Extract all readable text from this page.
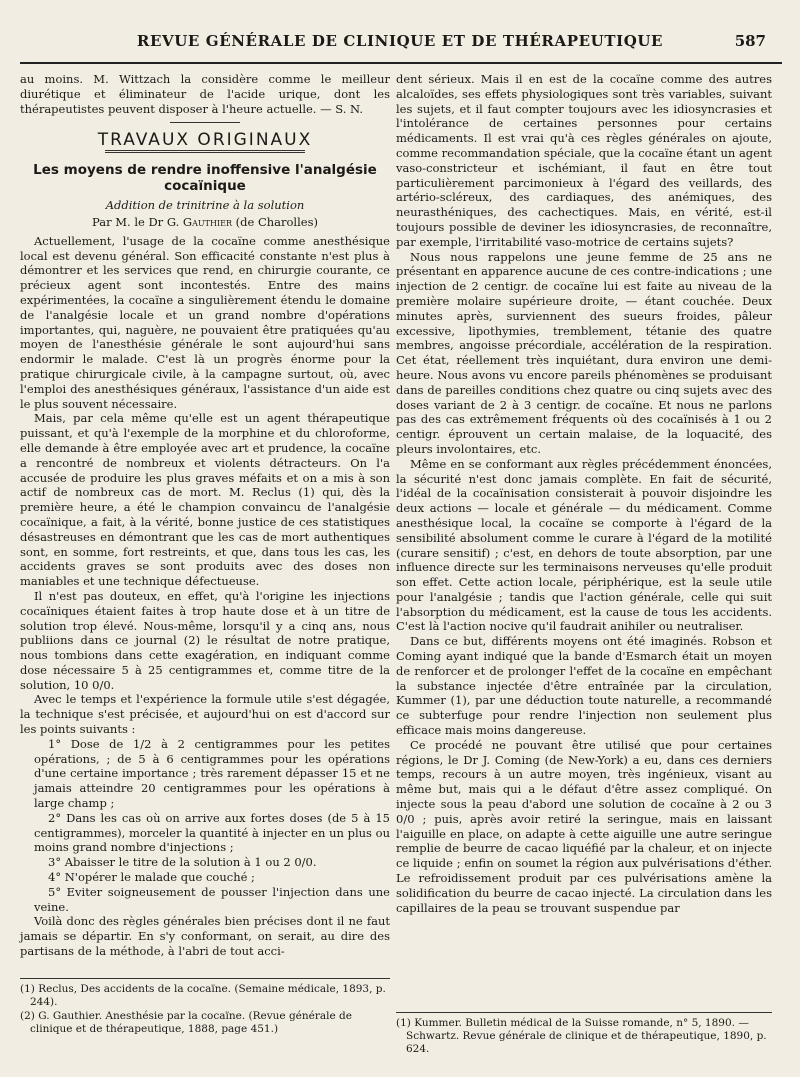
REVUE GÉNÉRALE DE CLINIQUE ET DE THÉRAPEUTIQUE	587

au moins. M. Wittzach la considère comme le meilleur diurétique et éliminateur de l'acide urique, dont les thérapeutistes peuvent disposer à l'heure actuelle. — S. N.

TRAVAUX ORIGINAUX
Les moyens de rendre inoffensive l'analgésie cocaïnique
Addition de trinitrine à la solution
Par M. le Dr G. Gauthier (de Charolles)

Actuellement, l'usage de la cocaïne comme anesthésique local est devenu général. Son efficacité constante n'est plus à démontrer et les services que rend, en chirurgie courante, ce précieux agent sont incontestés. Entre des mains expérimentées, la cocaïne a singulièrement étendu le domaine de l'analgésie locale et un grand nombre d'opérations importantes, qui, naguère, ne pouvaient être pratiquées qu'au moyen de l'anesthésie générale le sont aujourd'hui sans endormir le malade. C'est là un progrès énorme pour la pratique chirurgicale civile, à la campagne surtout, où, avec l'emploi des anesthésiques généraux, l'assistance d'un aide est le plus souvent nécessaire.

Mais, par cela même qu'elle est un agent thérapeutique puissant, et qu'à l'exemple de la morphine et du chloroforme, elle demande à être employée avec art et prudence, la cocaïne a rencontré de nombreux et violents détracteurs. On l'a accusée de produire les plus graves méfaits et on a mis à son actif de nombreux cas de mort. M. Reclus (1) qui, dès la première heure, a été le champion convaincu de l'analgésie cocaïnique, a fait, à la vérité, bonne justice de ces statistiques désastreuses en démontrant que les cas de mort authentiques sont, en somme, fort restreints, et que, dans tous les cas, les accidents graves se sont produits avec des doses non maniables et une technique défectueuse.

Il n'est pas douteux, en effet, qu'à l'origine les injections cocaïniques étaient faites à trop haute dose et à un titre de solution trop élevé. Nous-même, lorsqu'il y a cinq ans, nous publiions dans ce journal (2) le résultat de notre pratique, nous tombions dans cette exagération, en indiquant comme dose nécessaire 5 à 25 centigrammes et, comme titre de la solution, 10 0/0.

Avec le temps et l'expérience la formule utile s'est dégagée, la technique s'est précisée, et aujourd'hui on est d'accord sur les points suivants :

1° Dose de 1/2 à 2 centigrammes pour les petites opérations, ; de 5 à 6 centigrammes pour les opérations d'une certaine importance ; très rarement dépasser 15 et ne jamais atteindre 20 centigrammes pour les opérations à large champ ;

2° Dans les cas où on arrive aux fortes doses (de 5 à 15 centigrammes), morceler la quantité à injecter en un plus ou moins grand nombre d'injections ;

3° Abaisser le titre de la solution à 1 ou 2 0/0.

4° N'opérer le malade que couché ;

5° Eviter soigneusement de pousser l'injection dans une veine.

Voilà donc des règles générales bien précises dont il ne faut jamais se départir. En s'y conformant, on serait, au dire des partisans de la méthode, à l'abri de tout acci-

dent sérieux. Mais il en est de la cocaïne comme des autres alcaloïdes, ses effets physiologiques sont très variables, suivant les sujets, et il faut compter toujours avec les idiosyncrasies et l'intolérance de certaines personnes pour certains médicaments. Il est vrai qu'à ces règles générales on ajoute, comme recommandation spéciale, que la cocaïne étant un agent vaso-constricteur et ischémiant, il faut en être tout particulièrement parcimonieux à l'égard des veillards, des artério-scléreux, des cardiaques, des anémiques, des neurasthéniques, des cachectiques. Mais, en vérité, est-il toujours possible de deviner les idiosyncrasies, de reconnaître, par exemple, l'irritabilité vaso-motrice de certains sujets?

Nous nous rappelons une jeune femme de 25 ans ne présentant en apparence aucune de ces contre-indications ; une injection de 2 centigr. de cocaïne lui est faite au niveau de la première molaire supérieure droite, — étant couchée. Deux minutes après, surviennent des sueurs froides, pâleur excessive, lipothymies, tremblement, tétanie des quatre membres, angoisse précordiale, accélération de la respiration. Cet état, réellement très inquiétant, dura environ une demi-heure. Nous avons vu encore pareils phénomènes se produisant dans de pareilles conditions chez quatre ou cinq sujets avec des doses variant de 2 à 3 centigr. de cocaïne. Et nous ne parlons pas des cas extrêmement fréquents où des cocaïnisés à 1 ou 2 centigr. éprouvent un certain malaise, de la loquacité, des pleurs involontaires, etc.

Même en se conformant aux règles précédemment énoncées, la sécurité n'est donc jamais complète. En fait de sécurité, l'idéal de la cocaïnisation consisterait à pouvoir disjoindre les deux actions — locale et générale — du médicament. Comme anesthésique local, la cocaïne se comporte à l'égard de la sensibilité absolument comme le curare à l'égard de la motilité (curare sensitif) ; c'est, en dehors de toute absorption, par une influence directe sur les terminaisons nerveuses qu'elle produit son effet. Cette action locale, périphérique, est la seule utile pour l'analgésie ; tandis que l'action générale, celle qui suit l'absorption du médicament, est la cause de tous les accidents. C'est là l'action nocive qu'il faudrait anihiler ou neutraliser.

Dans ce but, différents moyens ont été imaginés. Robson et Coming ayant indiqué que la bande d'Esmarch était un moyen de renforcer et de prolonger l'effet de la cocaïne en empêchant la substance injectée d'être entraînée par la circulation, Kummer (1), par une déduction toute naturelle, a recommandé ce subterfuge pour rendre l'injection non seulement plus efficace mais moins dangereuse.

Ce procédé ne pouvant être utilisé que pour certaines régions, le Dr J. Coming (de New-York) a eu, dans ces derniers temps, recours à un autre moyen, très ingénieux, visant au même but, mais qui a le défaut d'être assez compliqué. On injecte sous la peau d'abord une solution de cocaïne à 2 ou 3 0/0 ; puis, après avoir retiré la seringue, mais en laissant l'aiguille en place, on adapte à cette aiguille une autre seringue remplie de beurre de cacao liquéfié par la chaleur, et on injecte ce liquide ; enfin on soumet la région aux pulvérisations d'éther. Le refroidissement produit par ces pulvérisations amène la solidification du beurre de cacao injecté. La circulation dans les capillaires de la peau se trouvant suspendue par

(1) Reclus, Des accidents de la cocaïne. (Semaine médicale, 1893, p. 244).

(2) G. Gauthier. Anesthésie par la cocaïne. (Revue générale de clinique et de thérapeutique, 1888, page 451.)	(1) Kummer. Bulletin médical de la Suisse romande, n° 5, 1890. — Schwartz. Revue générale de clinique et de thérapeutique, 1890, p. 624.
